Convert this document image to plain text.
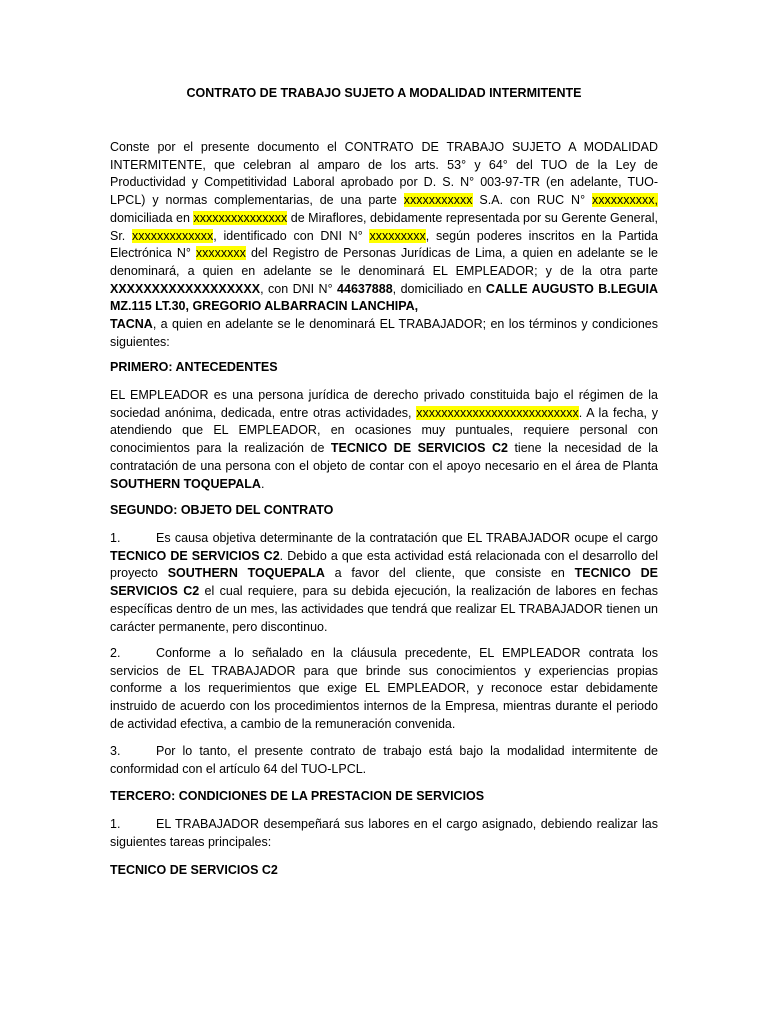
CONTRATO DE TRABAJO SUJETO A MODALIDAD INTERMITENTE

Conste por el presente documento el CONTRATO DE TRABAJO SUJETO A MODALIDAD INTERMITENTE, que celebran al amparo de los arts. 53° y 64° del TUO de la Ley de Productividad y Competitividad Laboral aprobado por D. S. N° 003-97-TR (en adelante, TUO-LPCL) y normas complementarias, de una parte xxxxxxxxxxx S.A. con RUC N° xxxxxxxxxx, domiciliada en xxxxxxxxxxxxxxx de Miraflores, debidamente representada por su Gerente General, Sr. xxxxxxxxxxxxx, identificado con DNI N° xxxxxxxxx, según poderes inscritos en la Partida Electrónica N° xxxxxxxx del Registro de Personas Jurídicas de Lima, a quien en adelante se le denominará, a quien en adelante se le denominará EL EMPLEADOR; y de la otra parte XXXXXXXXXXXXXXXXXX, con DNI N° 44637888, domiciliado en CALLE AUGUSTO B.LEGUIA MZ.115 LT.30, GREGORIO ALBARRACIN LANCHIPA,
TACNA, a quien en adelante se le denominará EL TRABAJADOR; en los términos y condiciones siguientes:

PRIMERO: ANTECEDENTES

EL EMPLEADOR es una persona jurídica de derecho privado constituida bajo el régimen de la sociedad anónima, dedicada, entre otras actividades, xxxxxxxxxxxxxxxxxxxxxxxxxx. A la fecha, y atendiendo que EL EMPLEADOR, en ocasiones muy puntuales, requiere personal con conocimientos para la realización de TECNICO DE SERVICIOS C2 tiene la necesidad de la contratación de una persona con el objeto de contar con el apoyo necesario en el área de Planta SOUTHERN TOQUEPALA.

SEGUNDO: OBJETO DEL CONTRATO

1.	Es causa objetiva determinante de la contratación que EL TRABAJADOR ocupe el cargo TECNICO DE SERVICIOS C2. Debido a que esta actividad está relacionada con el desarrollo del proyecto SOUTHERN TOQUEPALA a favor del cliente, que consiste en TECNICO DE SERVICIOS C2 el cual requiere, para su debida ejecución, la realización de labores en fechas específicas dentro de un mes, las actividades que tendrá que realizar EL TRABAJADOR tienen un carácter permanente, pero discontinuo.

2.	Conforme a lo señalado en la cláusula precedente, EL EMPLEADOR contrata los servicios de EL TRABAJADOR para que brinde sus conocimientos y experiencias propias conforme a los requerimientos que exige EL EMPLEADOR, y reconoce estar debidamente instruido de acuerdo con los procedimientos internos de la Empresa, mientras durante el periodo de actividad efectiva, a cambio de la remuneración convenida.

3.	Por lo tanto, el presente contrato de trabajo está bajo la modalidad intermitente de conformidad con el artículo 64 del TUO-LPCL.

TERCERO: CONDICIONES DE LA PRESTACION DE SERVICIOS

1.	EL TRABAJADOR desempeñará sus labores en el cargo asignado, debiendo realizar las siguientes tareas principales:

TECNICO DE SERVICIOS C2
